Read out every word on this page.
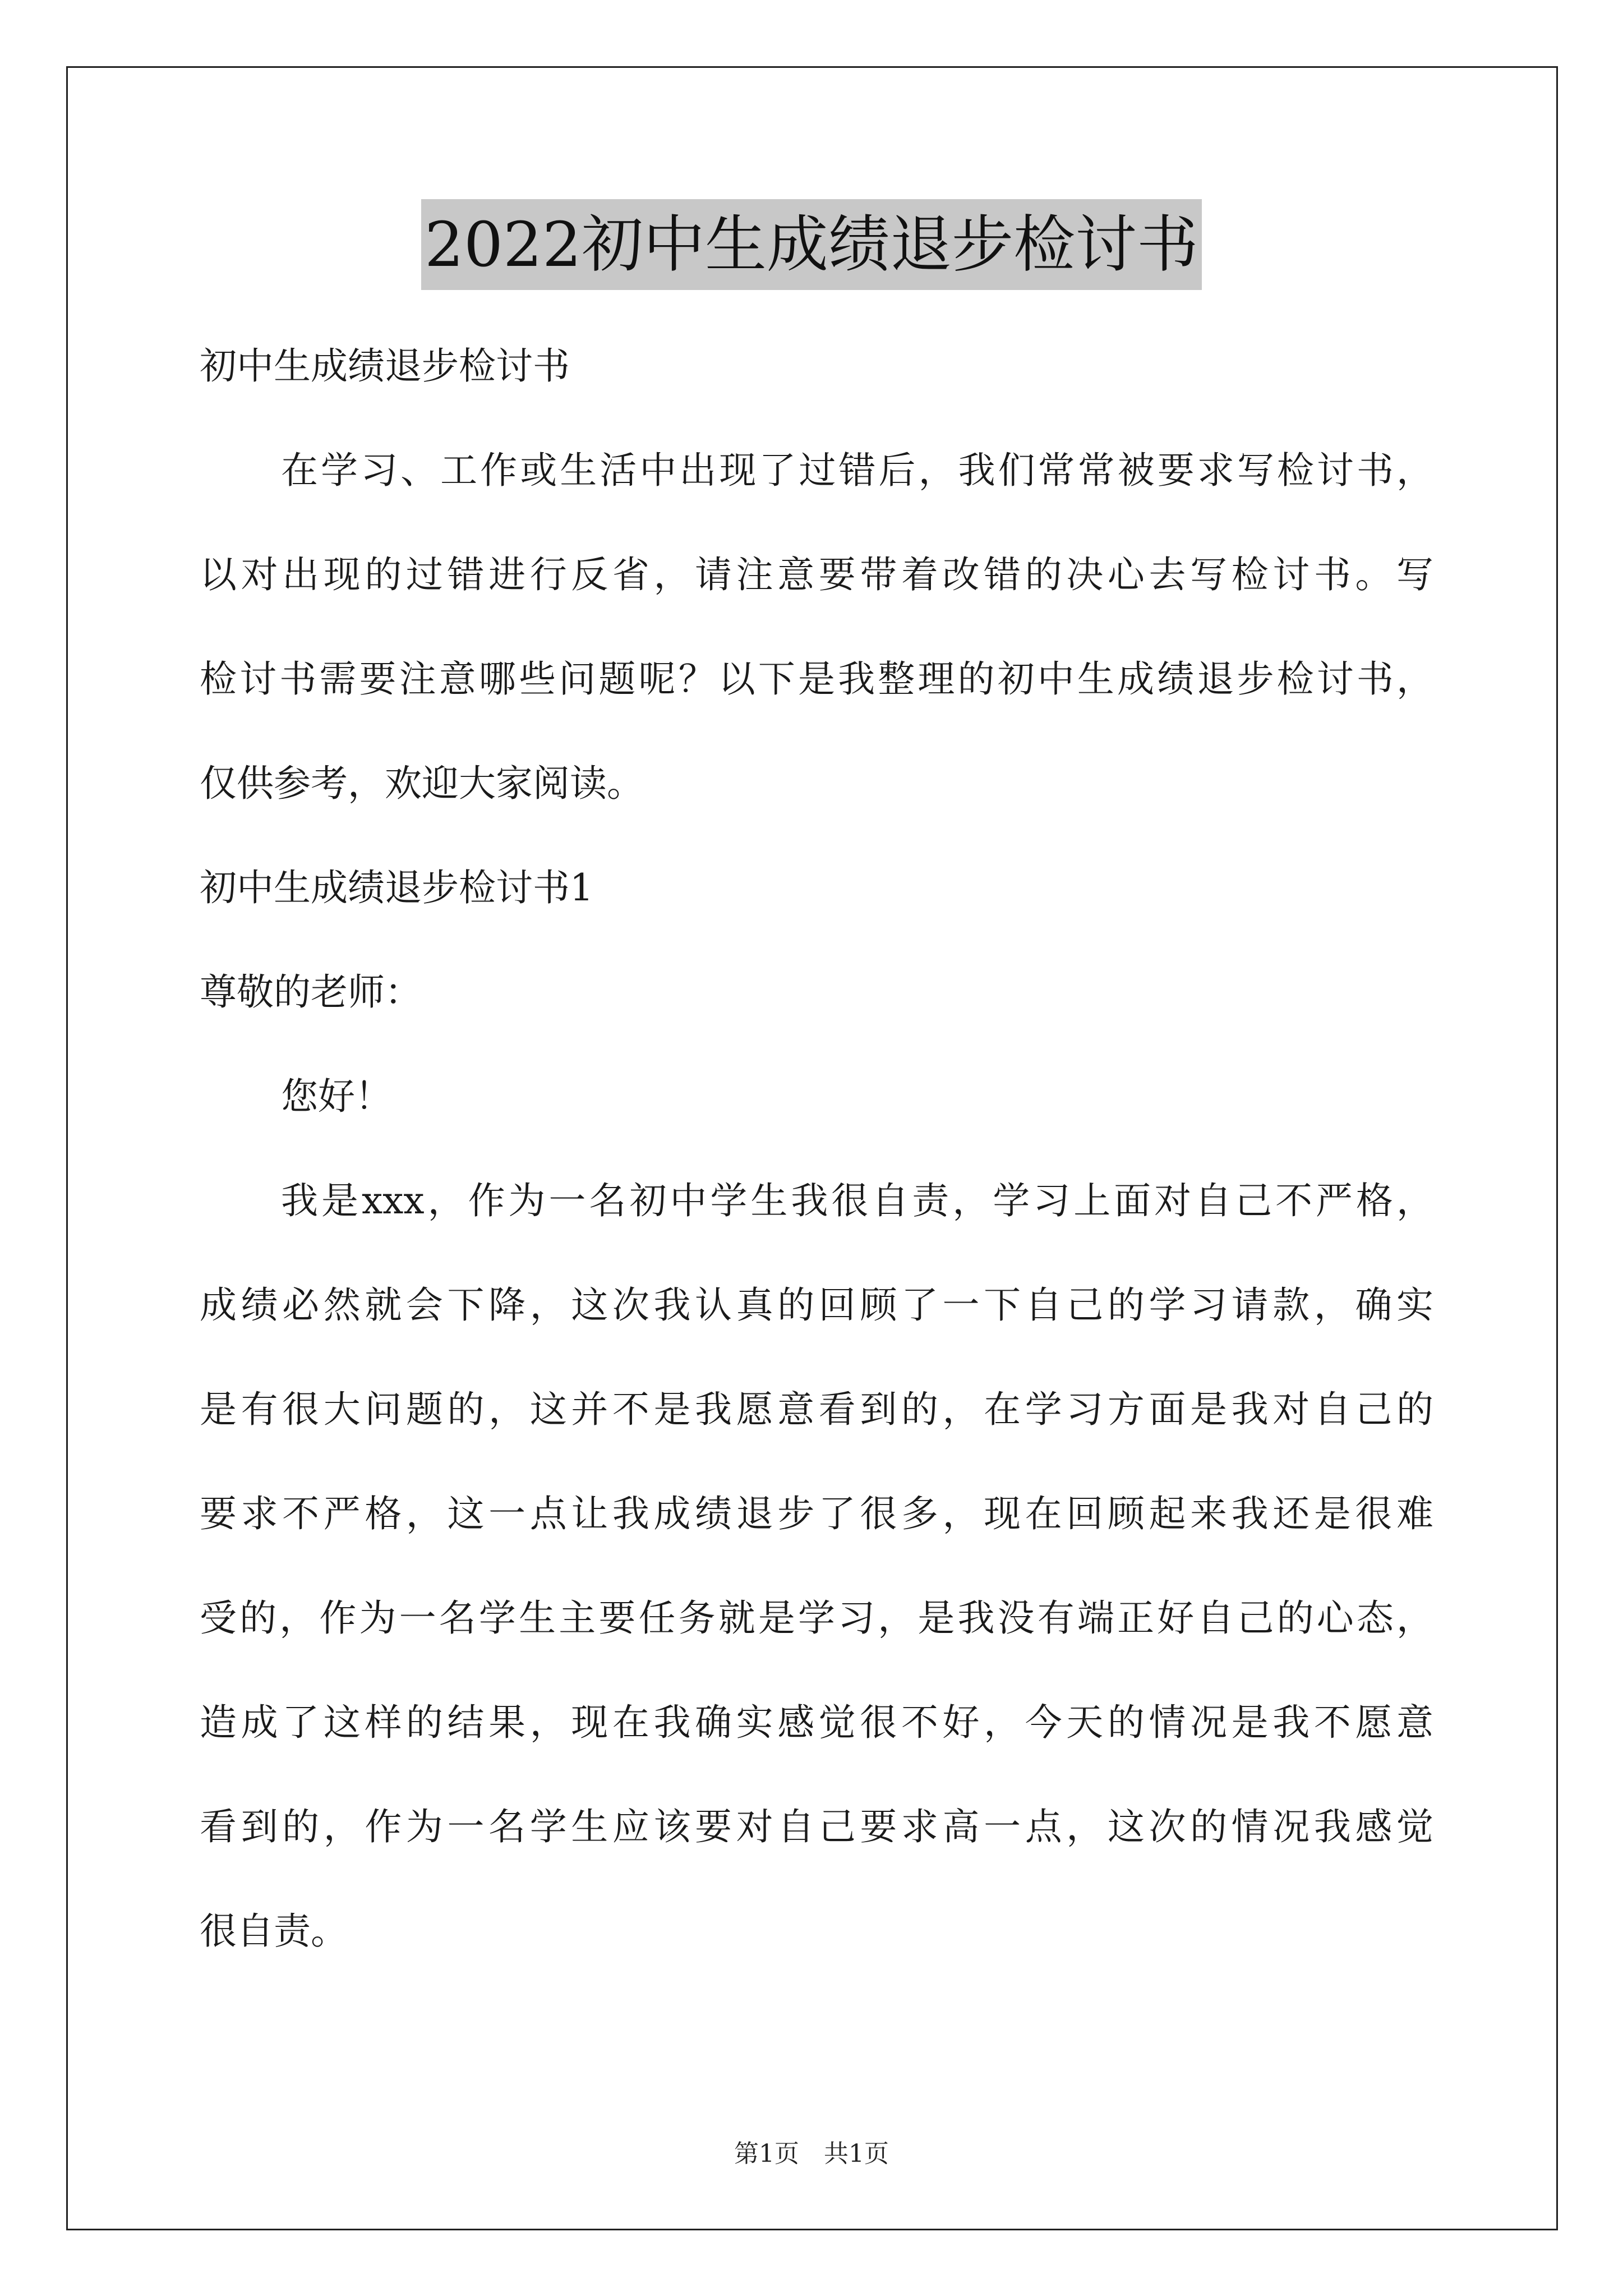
2022初中生成绩退步检讨书

初中生成绩退步检讨书

在学习、工作或生活中出现了过错后，我们常常被要求写检讨书，

以对出现的过错进行反省，请注意要带着改错的决心去写检讨书。写

检讨书需要注意哪些问题呢？以下是我整理的初中生成绩退步检讨书，

仅供参考，欢迎大家阅读。

初中生成绩退步检讨书1

尊敬的老师：

您好！

我是xxx，作为一名初中学生我很自责，学习上面对自己不严格，

成绩必然就会下降，这次我认真的回顾了一下自己的学习请款，确实

是有很大问题的，这并不是我愿意看到的，在学习方面是我对自己的

要求不严格，这一点让我成绩退步了很多，现在回顾起来我还是很难

受的，作为一名学生主要任务就是学习，是我没有端正好自己的心态，

造成了这样的结果，现在我确实感觉很不好，今天的情况是我不愿意

看到的，作为一名学生应该要对自己要求高一点，这次的情况我感觉

很自责。

第1页　共1页
